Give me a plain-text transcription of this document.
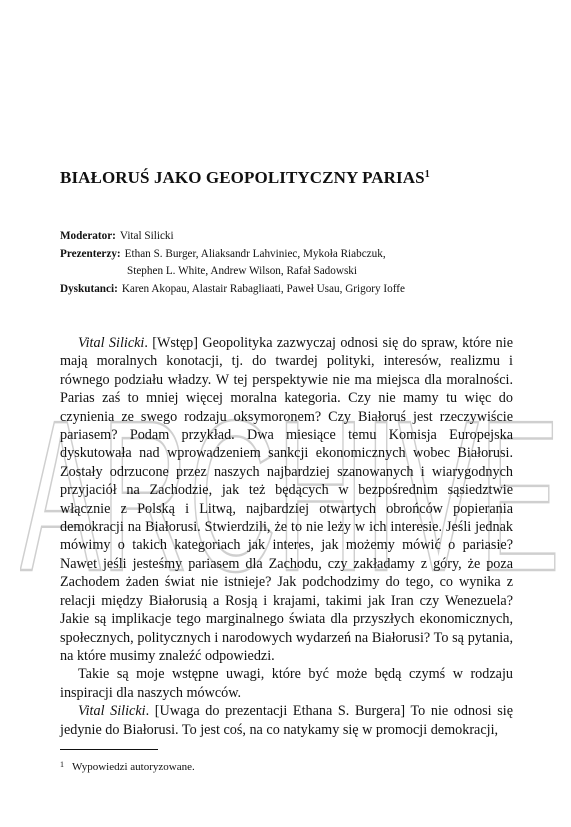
ARCHIVE
BIAŁORUŚ JAKO GEOPOLITYCZNY PARIAS$^1$
Moderator: Vital Silicki
Prezenterzy: Ethan S. Burger, Aliaksandr Lahviniec, Mykoła Riabczuk,
Stephen L. White, Andrew Wilson, Rafał Sadowski
Dyskutanci: Karen Akopau, Alastair Rabagliaati, Paweł Usau, Grigory Ioffe

Vital Silicki. [Wstęp] Geopolityka zazwyczaj odnosi się do spraw, które nie mają moralnych konotacji, tj. do twardej polityki, interesów, realizmu i równego podziału władzy. W tej perspektywie nie ma miejsca dla moralności. Parias zaś to mniej więcej moralna kategoria. Czy nie mamy tu więc do czynienia ze swego rodzaju oksymoronem? Czy Białoruś jest rzeczywiście pariasem? Podam przykład. Dwa miesiące temu Komisja Europejska dyskutowała nad wprowadzeniem sankcji ekonomicznych wobec Białorusi. Zostały odrzucone przez naszych najbardziej szanowanych i wiarygodnych przyjaciół na Zachodzie, jak też będących w bezpośrednim sąsiedztwie włącznie z Polską i Litwą, najbardziej otwartych obrońców popierania demokracji na Białorusi. Stwierdzili, że to nie leży w ich interesie. Jeśli jednak mówimy o takich kategoriach jak interes, jak możemy mówić o pariasie? Nawet jeśli jesteśmy pariasem dla Zachodu, czy zakładamy z góry, że poza Zachodem żaden świat nie istnieje? Jak podchodzimy do tego, co wynika z relacji między Białorusią a Rosją i krajami, takimi jak Iran czy Wenezuela? Jakie są implikacje tego marginalnego świata dla przyszłych ekonomicznych, społecznych, politycznych i narodowych wydarzeń na Białorusi? To są pytania, na które musimy znaleźć odpowiedzi.

Takie są moje wstępne uwagi, które być może będą czymś w rodzaju inspiracji dla naszych mówców.

Vital Silicki. [Uwaga do prezentacji Ethana S. Burgera] To nie odnosi się jedynie do Białorusi. To jest coś, na co natykamy się w promocji demokracji,

$^1$ Wypowiedzi autoryzowane.
